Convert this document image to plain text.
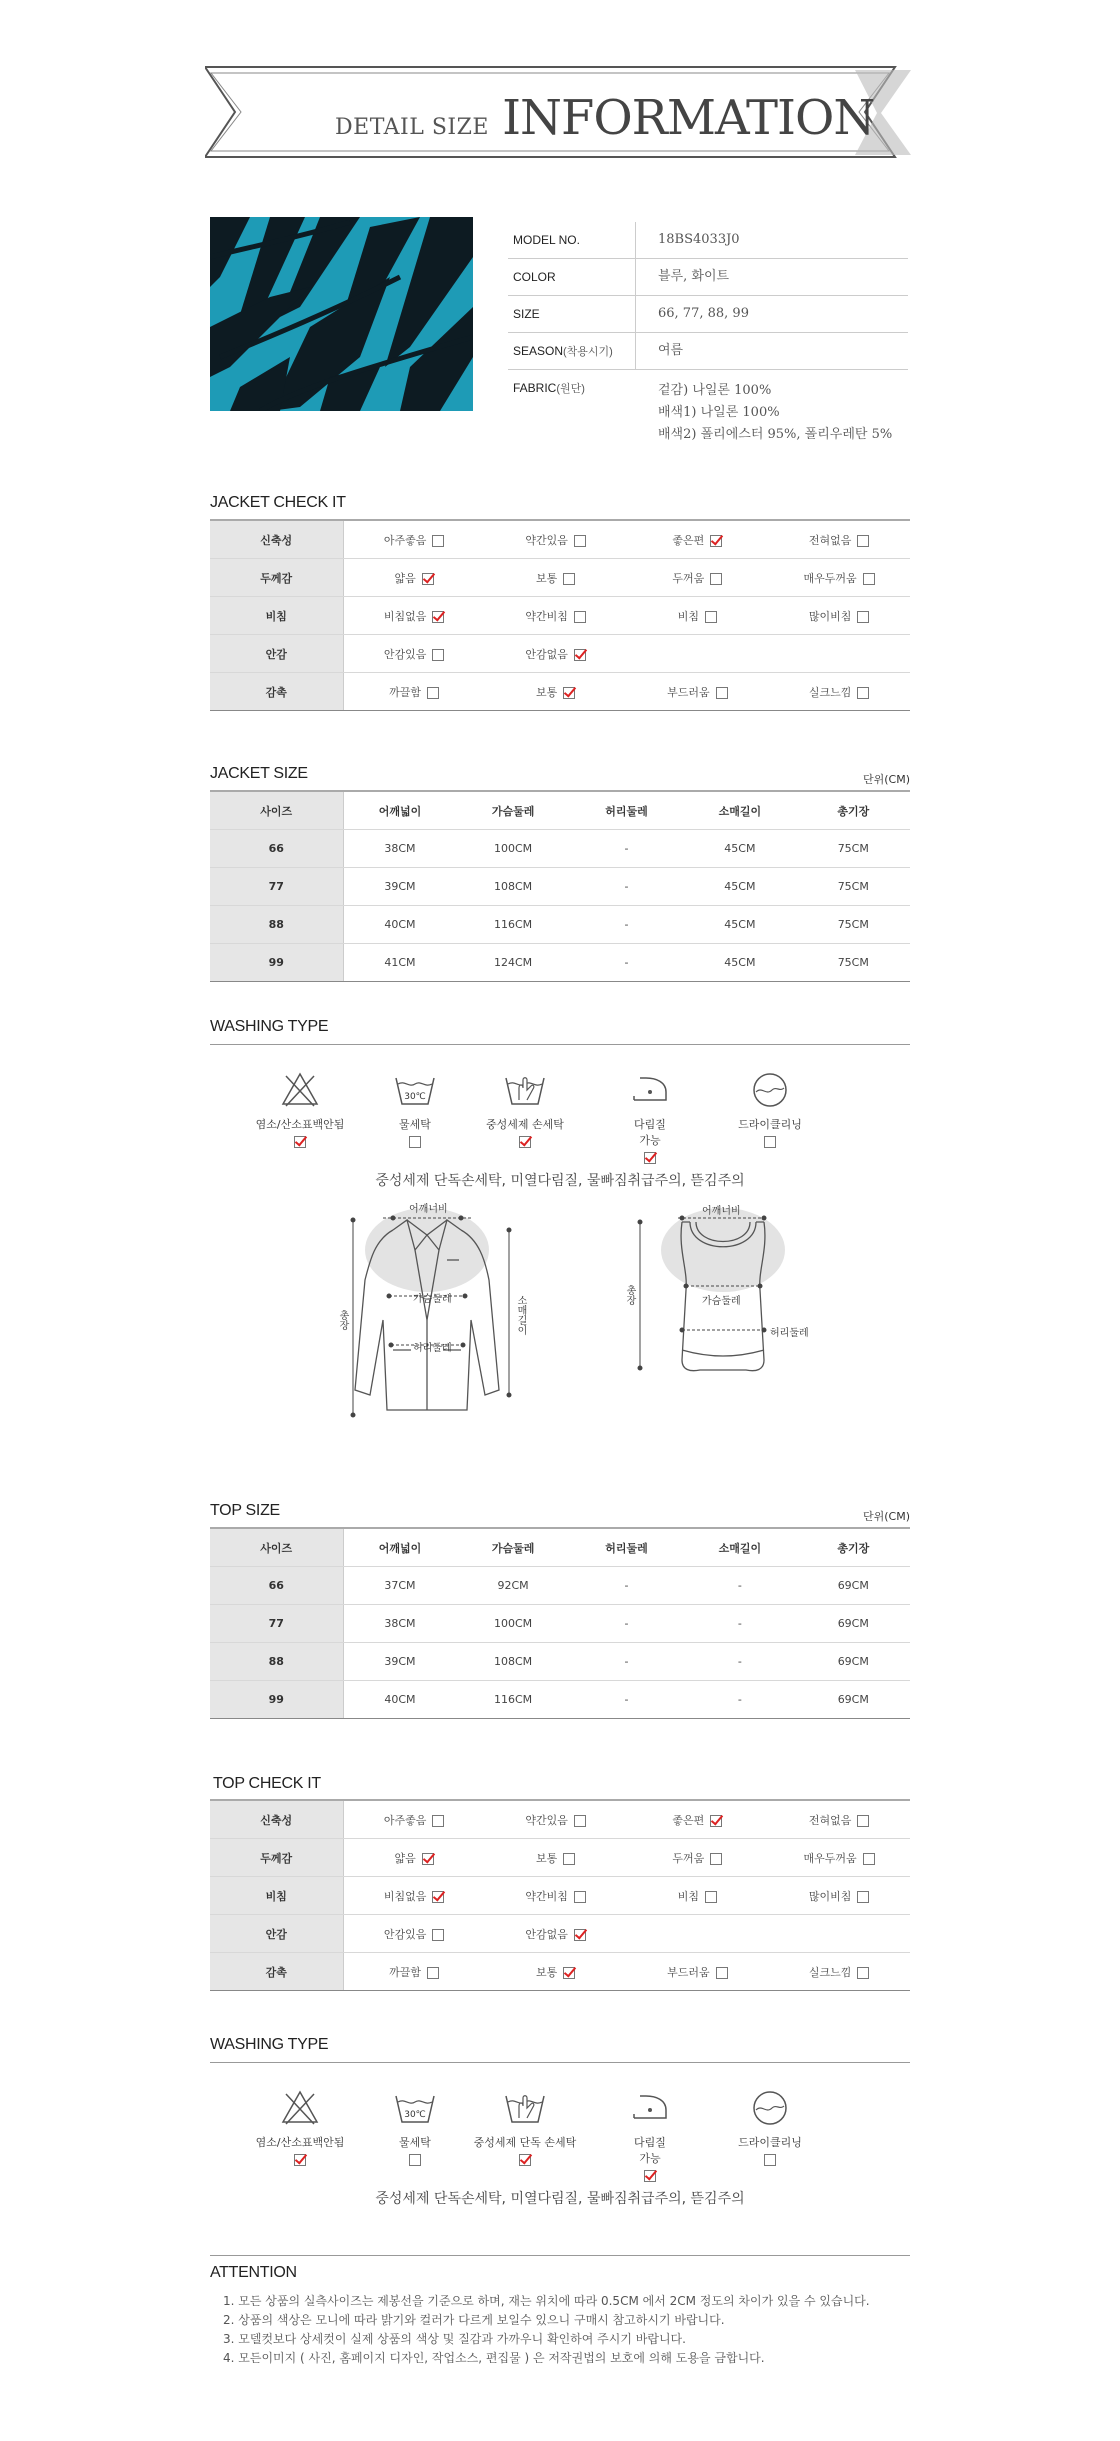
DETAIL SIZE INFORMATION
MODEL NO.	18BS4033J0
COLOR	블루, 화이트
SIZE	66, 77, 88, 99
SEASON(착용시기)	여름
FABRIC(원단)	겉감) 나일론 100%
배색1) 나일론 100%
배색2) 폴리에스터 95%, 폴리우레탄 5%
JACKET CHECK IT
신축성	아주좋음	약간있음	좋은편	전혀없음
두께감	얇음	보통	두꺼움	매우두꺼움
비침	비침없음	약간비침	비침	많이비침
안감	안감있음	안감없음		
감촉	까끌함	보통	부드러움	실크느낌
JACKET SIZE	단위(CM)
사이즈	어깨넓이	가슴둘레	허리둘레	소매길이	총기장
66	38CM	100CM	-	45CM	75CM
77	39CM	108CM	-	45CM	75CM
88	40CM	116CM	-	45CM	75CM
99	41CM	124CM	-	45CM	75CM
WASHING TYPE
염소/산소표백안됨
30℃
물세탁	중성세제 손세탁	다림질 가능
드라이클리닝
중성세제 단독손세탁, 미열다림질, 물빠짐취급주의, 뜯김주의
어깨너비
가슴둘레
허리둘레
총장	소매길이
어깨너비
가슴둘레
허리둘레
총장
TOP SIZE	단위(CM)
사이즈	어깨넓이	가슴둘레	허리둘레	소매길이	총기장
66	37CM	92CM	-	-	69CM
77	38CM	100CM	-	-	69CM
88	39CM	108CM	-	-	69CM
99	40CM	116CM	-	-	69CM
TOP CHECK IT
신축성	아주좋음	약간있음	좋은편	전혀없음
두께감	얇음	보통	두꺼움	매우두꺼움
비침	비침없음	약간비침	비침	많이비침
안감	안감있음	안감없음		
감촉	까끌함	보통	부드러움	실크느낌
WASHING TYPE
염소/산소표백안됨
30℃
물세탁	중성세제 단독 손세탁	다림질 가능
드라이클리닝
중성세제 단독손세탁, 미열다림질, 물빠짐취급주의, 뜯김주의
ATTENTION
1. 모든 상품의 실측사이즈는 제봉선을 기준으로 하며, 재는 위치에 따라 0.5CM 에서 2CM 정도의 차이가 있을 수 있습니다.
2. 상품의 색상은 모니에 따라 밝기와 컬러가 다르게 보일수 있으니 구매시 참고하시기 바랍니다.
3. 모델컷보다 상세컷이 실제 상품의 색상 및 질감과 가까우니 확인하여 주시기 바랍니다.
4. 모든이미지 ( 사진, 홈페이지 디자인, 작업소스, 편집물 ) 은 저작권법의 보호에 의해 도용을 금합니다.
